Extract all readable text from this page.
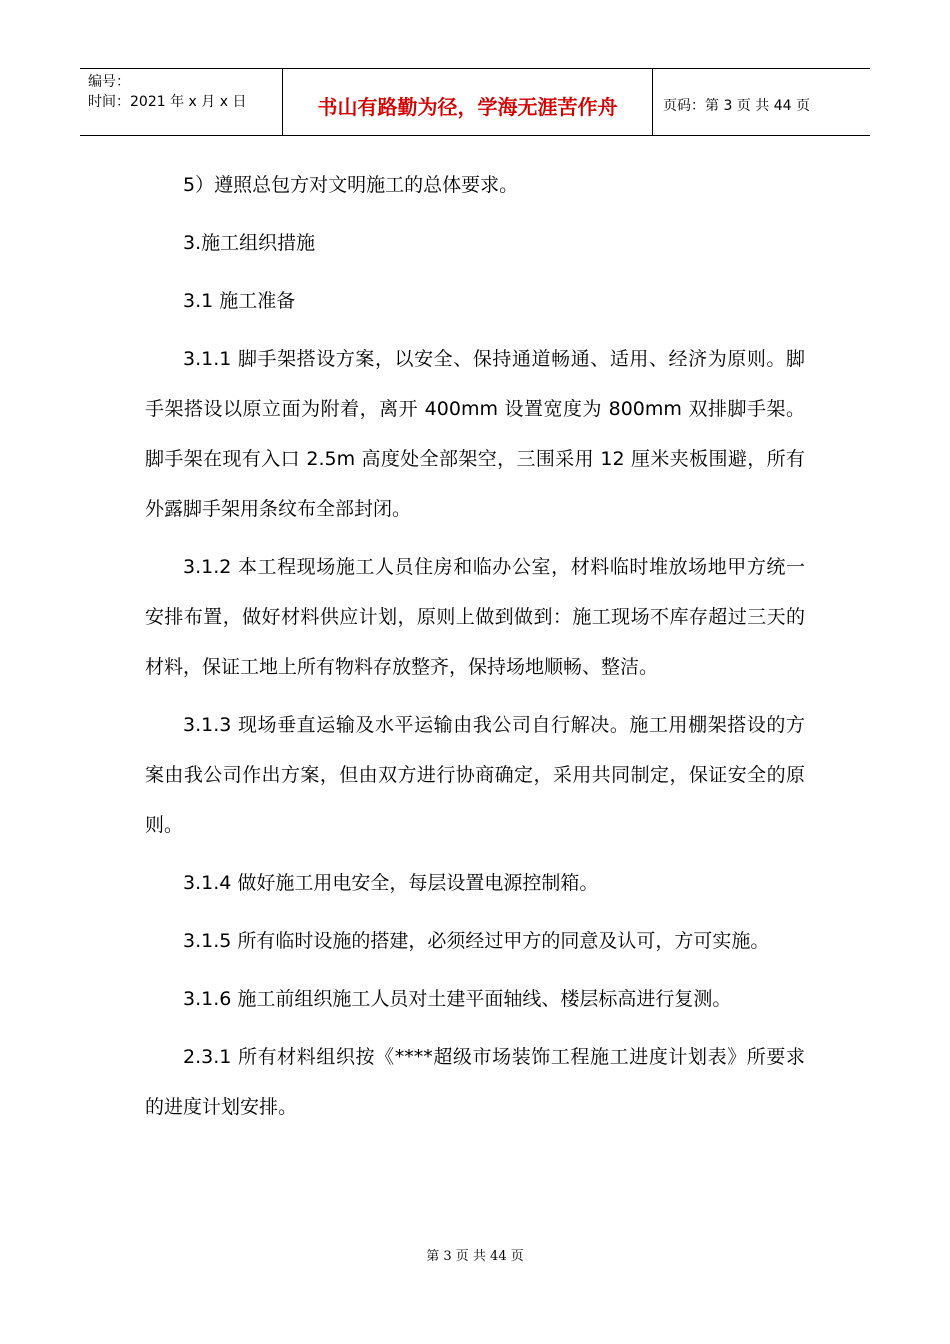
编号：
时间：2021 年 x 月 x 日	书山有路勤为径，学海无涯苦作舟	页码：第 3 页 共 44 页

5）遵照总包方对文明施工的总体要求。

3.施工组织措施

3.1 施工准备

3.1.1 脚手架搭设方案，以安全、保持通道畅通、适用、经济为原则。脚手架搭设以原立面为附着，离开 400mm 设置宽度为 800mm 双排脚手架。脚手架在现有入口 2.5m 高度处全部架空，三围采用 12 厘米夹板围避，所有外露脚手架用条纹布全部封闭。

3.1.2 本工程现场施工人员住房和临办公室，材料临时堆放场地甲方统一安排布置，做好材料供应计划，原则上做到做到：施工现场不库存超过三天的材料，保证工地上所有物料存放整齐，保持场地顺畅、整洁。

3.1.3 现场垂直运输及水平运输由我公司自行解决。施工用棚架搭设的方案由我公司作出方案，但由双方进行协商确定，采用共同制定，保证安全的原则。

3.1.4 做好施工用电安全，每层设置电源控制箱。

3.1.5 所有临时设施的搭建，必须经过甲方的同意及认可，方可实施。

3.1.6 施工前组织施工人员对土建平面轴线、楼层标高进行复测。

2.3.1 所有材料组织按《****超级市场装饰工程施工进度计划表》所要求的进度计划安排。

第 3 页 共 44 页
